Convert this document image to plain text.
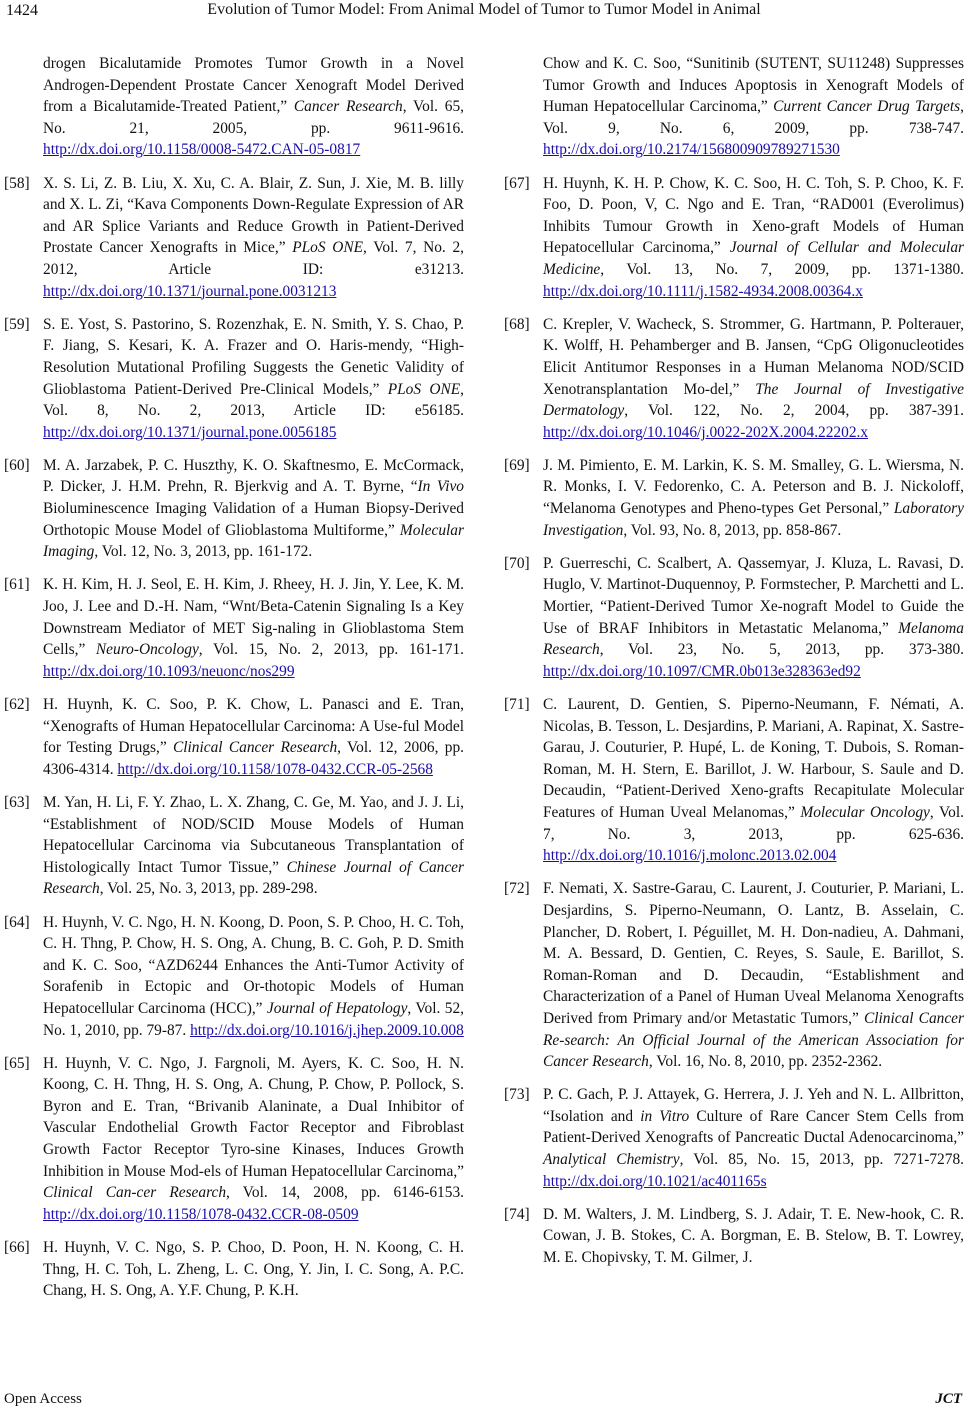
1424	Evolution of Tumor Model: From Animal Model of Tumor to Tumor Model in Animal
drogen Bicalutamide Promotes Tumor Growth in a Novel Androgen-Dependent Prostate Cancer Xenograft Model Derived from a Bicalutamide-Treated Patient,” Cancer Research, Vol. 65, No. 21, 2005, pp. 9611-9616. http://dx.doi.org/10.1158/0008-5472.CAN-05-0817
[58] X. S. Li, Z. B. Liu, X. Xu, C. A. Blair, Z. Sun, J. Xie, M. B. lilly and X. L. Zi, “Kava Components Down-Regulate Expression of AR and AR Splice Variants and Reduce Growth in Patient-Derived Prostate Cancer Xenografts in Mice,” PLoS ONE, Vol. 7, No. 2, 2012, Article ID: e31213. http://dx.doi.org/10.1371/journal.pone.0031213
[59] S. E. Yost, S. Pastorino, S. Rozenzhak, E. N. Smith, Y. S. Chao, P. F. Jiang, S. Kesari, K. A. Frazer and O. Haris-mendy, “High-Resolution Mutational Profiling Suggests the Genetic Validity of Glioblastoma Patient-Derived Pre-Clinical Models,” PLoS ONE, Vol. 8, No. 2, 2013, Article ID: e56185. http://dx.doi.org/10.1371/journal.pone.0056185
[60] M. A. Jarzabek, P. C. Huszthy, K. O. Skaftnesmo, E. McCormack, P. Dicker, J. H.M. Prehn, R. Bjerkvig and A. T. Byrne, “In Vivo Bioluminescence Imaging Validation of a Human Biopsy-Derived Orthotopic Mouse Model of Glioblastoma Multiforme,” Molecular Imaging, Vol. 12, No. 3, 2013, pp. 161-172.
[61] K. H. Kim, H. J. Seol, E. H. Kim, J. Rheey, H. J. Jin, Y. Lee, K. M. Joo, J. Lee and D.-H. Nam, “Wnt/Beta-Catenin Signaling Is a Key Downstream Mediator of MET Sig-naling in Glioblastoma Stem Cells,” Neuro-Oncology, Vol. 15, No. 2, 2013, pp. 161-171. http://dx.doi.org/10.1093/neuonc/nos299
[62] H. Huynh, K. C. Soo, P. K. Chow, L. Panasci and E. Tran, “Xenografts of Human Hepatocellular Carcinoma: A Use-ful Model for Testing Drugs,” Clinical Cancer Research, Vol. 12, 2006, pp. 4306-4314. http://dx.doi.org/10.1158/1078-0432.CCR-05-2568
[63] M. Yan, H. Li, F. Y. Zhao, L. X. Zhang, C. Ge, M. Yao, and J. J. Li, “Establishment of NOD/SCID Mouse Models of Human Hepatocellular Carcinoma via Subcutaneous Transplantation of Histologically Intact Tumor Tissue,” Chinese Journal of Cancer Research, Vol. 25, No. 3, 2013, pp. 289-298.
[64] H. Huynh, V. C. Ngo, H. N. Koong, D. Poon, S. P. Choo, H. C. Toh, C. H. Thng, P. Chow, H. S. Ong, A. Chung, B. C. Goh, P. D. Smith and K. C. Soo, “AZD6244 Enhances the Anti-Tumor Activity of Sorafenib in Ectopic and Or-thotopic Models of Human Hepatocellular Carcinoma (HCC),” Journal of Hepatology, Vol. 52, No. 1, 2010, pp. 79-87. http://dx.doi.org/10.1016/j.jhep.2009.10.008
[65] H. Huynh, V. C. Ngo, J. Fargnoli, M. Ayers, K. C. Soo, H. N. Koong, C. H. Thng, H. S. Ong, A. Chung, P. Chow, P. Pollock, S. Byron and E. Tran, “Brivanib Alaninate, a Dual Inhibitor of Vascular Endothelial Growth Factor Receptor and Fibroblast Growth Factor Receptor Tyro-sine Kinases, Induces Growth Inhibition in Mouse Mod-els of Human Hepatocellular Carcinoma,” Clinical Can-cer Research, Vol. 14, 2008, pp. 6146-6153. http://dx.doi.org/10.1158/1078-0432.CCR-08-0509
[66] H. Huynh, V. C. Ngo, S. P. Choo, D. Poon, H. N. Koong, C. H. Thng, H. C. Toh, L. Zheng, L. C. Ong, Y. Jin, I. C. Song, A. P.C. Chang, H. S. Ong, A. Y.F. Chung, P. K.H.
Chow and K. C. Soo, “Sunitinib (SUTENT, SU11248) Suppresses Tumor Growth and Induces Apoptosis in Xenograft Models of Human Hepatocellular Carcinoma,” Current Cancer Drug Targets, Vol. 9, No. 6, 2009, pp. 738-747. http://dx.doi.org/10.2174/156800909789271530
[67] H. Huynh, K. H. P. Chow, K. C. Soo, H. C. Toh, S. P. Choo, K. F. Foo, D. Poon, V, C. Ngo and E. Tran, “RAD001 (Everolimus) Inhibits Tumour Growth in Xeno-graft Models of Human Hepatocellular Carcinoma,” Journal of Cellular and Molecular Medicine, Vol. 13, No. 7, 2009, pp. 1371-1380. http://dx.doi.org/10.1111/j.1582-4934.2008.00364.x
[68] C. Krepler, V. Wacheck, S. Strommer, G. Hartmann, P. Polterauer, K. Wolff, H. Pehamberger and B. Jansen, “CpG Oligonucleotides Elicit Antitumor Responses in a Human Melanoma NOD/SCID Xenotransplantation Mo-del,” The Journal of Investigative Dermatology, Vol. 122, No. 2, 2004, pp. 387-391. http://dx.doi.org/10.1046/j.0022-202X.2004.22202.x
[69] J. M. Pimiento, E. M. Larkin, K. S. M. Smalley, G. L. Wiersma, N. R. Monks, I. V. Fedorenko, C. A. Peterson and B. J. Nickoloff, “Melanoma Genotypes and Pheno-types Get Personal,” Laboratory Investigation, Vol. 93, No. 8, 2013, pp. 858-867.
[70] P. Guerreschi, C. Scalbert, A. Qassemyar, J. Kluza, L. Ravasi, D. Huglo, V. Martinot-Duquennoy, P. Formstecher, P. Marchetti and L. Mortier, “Patient-Derived Tumor Xe-nograft Model to Guide the Use of BRAF Inhibitors in Metastatic Melanoma,” Melanoma Research, Vol. 23, No. 5, 2013, pp. 373-380. http://dx.doi.org/10.1097/CMR.0b013e328363ed92
[71] C. Laurent, D. Gentien, S. Piperno-Neumann, F. Némati, A. Nicolas, B. Tesson, L. Desjardins, P. Mariani, A. Rapinat, X. Sastre-Garau, J. Couturier, P. Hupé, L. de Koning, T. Dubois, S. Roman-Roman, M. H. Stern, E. Barillot, J. W. Harbour, S. Saule and D. Decaudin, “Patient-Derived Xeno-grafts Recapitulate Molecular Features of Human Uveal Melanomas,” Molecular Oncology, Vol. 7, No. 3, 2013, pp. 625-636. http://dx.doi.org/10.1016/j.molonc.2013.02.004
[72] F. Nemati, X. Sastre-Garau, C. Laurent, J. Couturier, P. Mariani, L. Desjardins, S. Piperno-Neumann, O. Lantz, B. Asselain, C. Plancher, D. Robert, I. Péguillet, M. H. Don-nadieu, A. Dahmani, M. A. Bessard, D. Gentien, C. Reyes, S. Saule, E. Barillot, S. Roman-Roman and D. Decaudin, “Establishment and Characterization of a Panel of Human Uveal Melanoma Xenografts Derived from Primary and/or Metastatic Tumors,” Clinical Cancer Re-search: An Official Journal of the American Association for Cancer Research, Vol. 16, No. 8, 2010, pp. 2352-2362.
[73] P. C. Gach, P. J. Attayek, G. Herrera, J. J. Yeh and N. L. Allbritton, “Isolation and in Vitro Culture of Rare Cancer Stem Cells from Patient-Derived Xenografts of Pancreatic Ductal Adenocarcinoma,” Analytical Chemistry, Vol. 85, No. 15, 2013, pp. 7271-7278. http://dx.doi.org/10.1021/ac401165s
[74] D. M. Walters, J. M. Lindberg, S. J. Adair, T. E. New-hook, C. R. Cowan, J. B. Stokes, C. A. Borgman, E. B. Stelow, B. T. Lowrey, M. E. Chopivsky, T. M. Gilmer, J.
Open Access	JCT
